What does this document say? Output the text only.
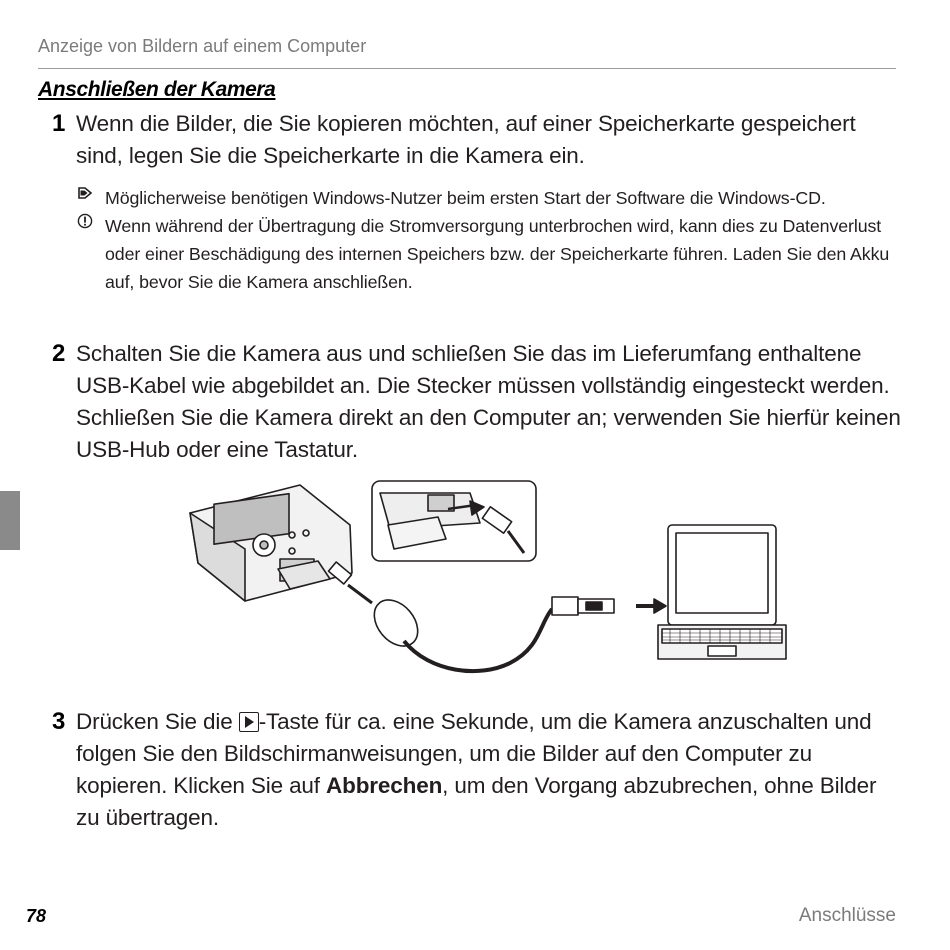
Anzeige von Bildern auf einem Computer
Anschließen der Kamera
1 Wenn die Bilder, die Sie kopieren möchten, auf einer Speicherkarte gespeichert sind, legen Sie die Speicherkarte in die Kamera ein.
Möglicherweise benötigen Windows-Nutzer beim ersten Start der Software die Windows-CD.
Wenn während der Übertragung die Stromversorgung unterbrochen wird, kann dies zu Datenverlust oder einer Beschädigung des internen Speichers bzw. der Speicherkarte führen. Laden Sie den Akku auf, bevor Sie die Kamera anschließen.
2 Schalten Sie die Kamera aus und schließen Sie das im Lieferumfang enthaltene USB-Kabel wie abgebildet an. Die Stecker müssen vollständig eingesteckt werden. Schließen Sie die Kamera direkt an den Computer an; verwenden Sie hierfür keinen USB-Hub oder eine Tastatur.
3 Drücken Sie die -Taste für ca. eine Sekunde, um die Kamera anzuschalten und folgen Sie den Bildschirmanweisungen, um die Bilder auf den Computer zu kopieren. Klicken Sie auf Abbrechen, um den Vorgang abzubrechen, ohne Bilder zu übertragen.
78	Anschlüsse
